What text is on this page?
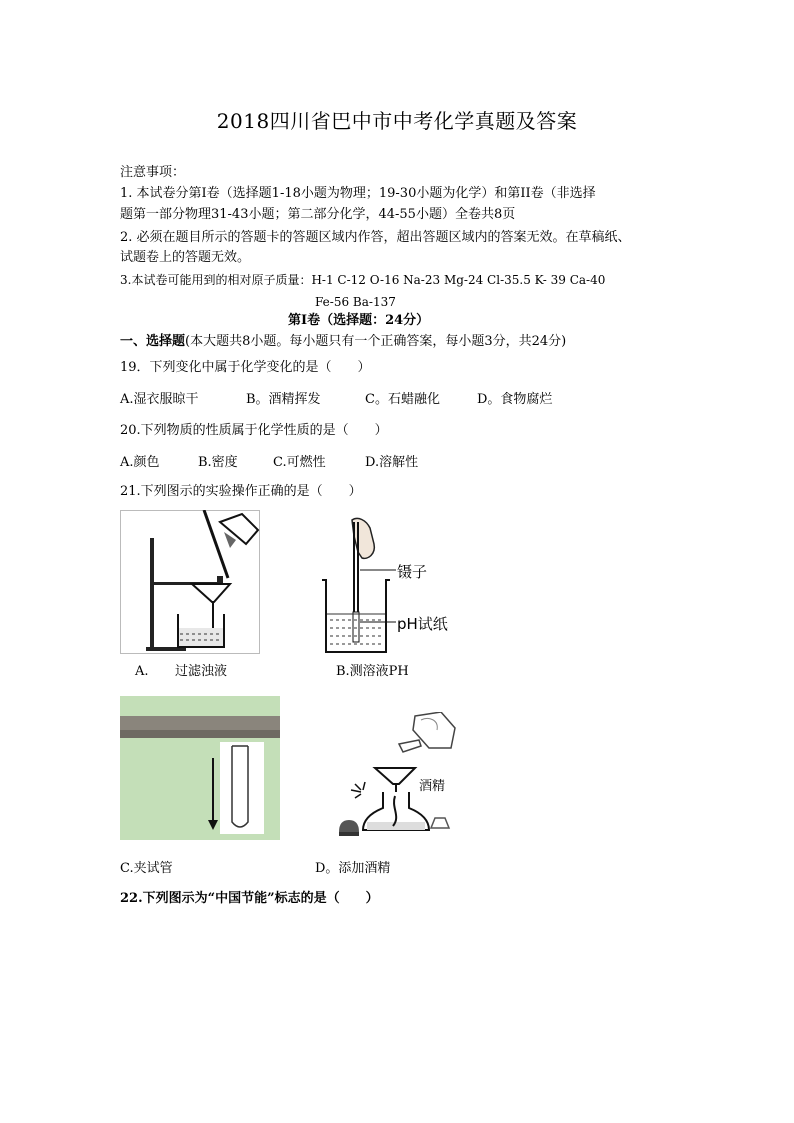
2018四川省巴中市中考化学真题及答案
注意事项：
1. 本试卷分第I卷（选择题1-18小题为物理；19-30小题为化学）和第II卷（非选择
题第一部分物理31-43小题；第二部分化学，44-55小题）全卷共8页
2. 必须在题目所示的答题卡的答题区域内作答，超出答题区域内的答案无效。在草稿纸、
试题卷上的答题无效。
3.本试卷可能用到的相对原子质量：H-1 C-12 O-16 Na-23 Mg-24 Cl-35.5 K- 39 Ca-40
Fe-56 Ba-137
第I卷（选择题：24分）
一、选择题(本大题共8小题。每小题只有一个正确答案，每小题3分，共24分)
19．下列变化中属于化学变化的是（　　）
A.湿衣服晾干	B。酒精挥发	C。石蜡融化	D。食物腐烂
20.下列物质的性质属于化学性质的是（　　）
A.颜色	B.密度	C.可燃性	D.溶解性
21.下列图示的实验操作正确的是（　　）
A. 过滤浊液
镊子
pH试纸
B.测溶液PH
C.夹试管
酒精
D。添加酒精
22.下列图示为“中国节能”标志的是（　　）
